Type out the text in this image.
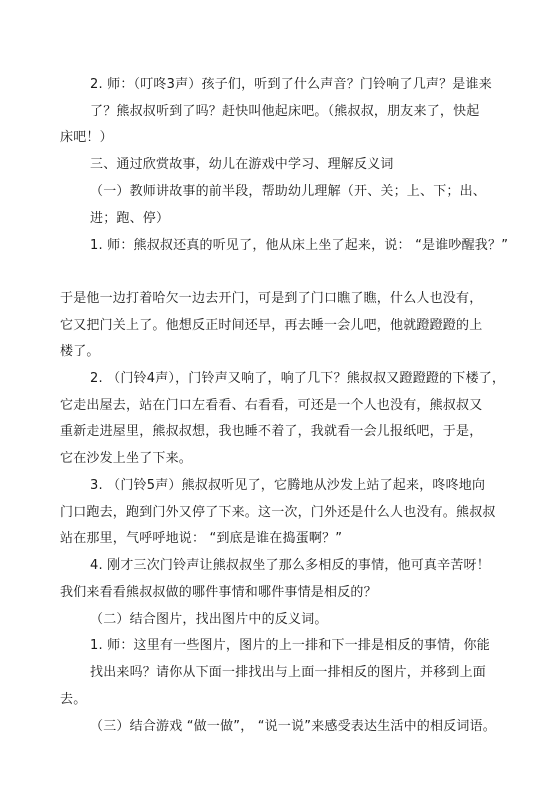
2. 师：（叮咚3声）孩子们，听到了什么声音？门铃响了几声？是谁来
了？熊叔叔听到了吗？赶快叫他起床吧。（熊叔叔，朋友来了，快起
床吧！）
三、通过欣赏故事，幼儿在游戏中学习、理解反义词
（一）教师讲故事的前半段，帮助幼儿理解（开、关；上、下；出、
进；跑、停）
1. 师：熊叔叔还真的听见了，他从床上坐了起来，说： “是谁吵醒我？”
于是他一边打着哈欠一边去开门，可是到了门口瞧了瞧，什么人也没有，
它又把门关上了。他想反正时间还早，再去睡一会儿吧，他就蹬蹬蹬的上
楼了。
2. （门铃4声），门铃声又响了，响了几下？熊叔叔又蹬蹬蹬的下楼了，
它走出屋去，站在门口左看看、右看看，可还是一个人也没有，熊叔叔又
重新走进屋里，熊叔叔想，我也睡不着了，我就看一会儿报纸吧，于是，
它在沙发上坐了下来。
3. （门铃5声）熊叔叔听见了，它腾地从沙发上站了起来，咚咚地向
门口跑去，跑到门外又停了下来。这一次，门外还是什么人也没有。熊叔叔
站在那里，气呼呼地说： “到底是谁在捣蛋啊？”
4. 刚才三次门铃声让熊叔叔坐了那么多相反的事情，他可真辛苦呀！
我们来看看熊叔叔做的哪件事情和哪件事情是相反的？
（二）结合图片，找出图片中的反义词。
1. 师：这里有一些图片，图片的上一排和下一排是相反的事情，你能
找出来吗？请你从下面一排找出与上面一排相反的图片，并移到上面
去。
（三）结合游戏 “做一做”， “说一说”来感受表达生活中的相反词语。
